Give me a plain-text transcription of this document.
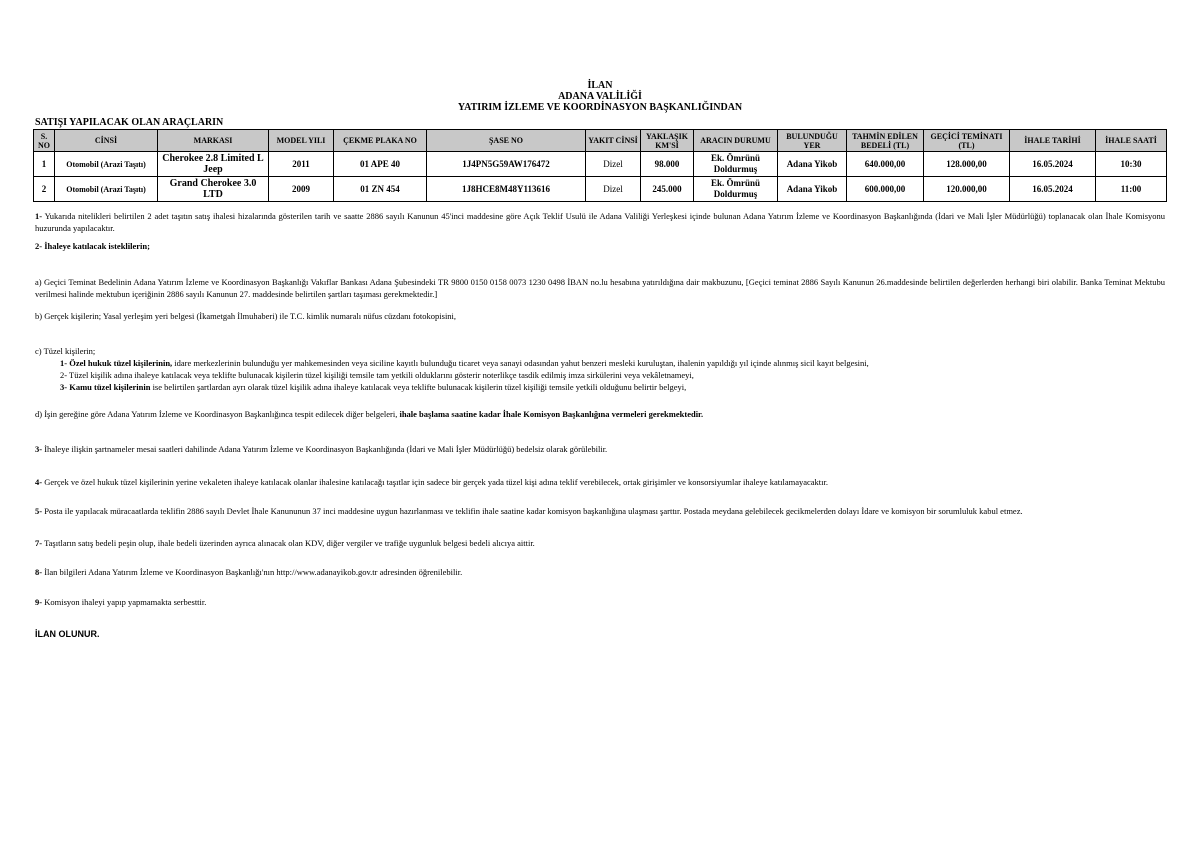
İLAN
ADANA VALİLİĞİ
YATIRIM İZLEME VE KOORDİNASYON BAŞKANLIĞINDAN
SATIŞI YAPILACAK OLAN ARAÇLARIN
S. NO	CİNSİ	MARKASI	MODEL YILI	ÇEKME PLAKA NO	ŞASE NO	YAKIT CİNSİ	YAKLAŞIK KM'Sİ	ARACIN DURUMU	BULUNDUĞU YER	TAHMİN EDİLEN BEDELİ (TL)	GEÇİCİ TEMİNATI (TL)	İHALE TARİHİ	İHALE SAATİ
1	Otomobil (Arazi Taşıtı)	Cherokee 2.8 Limited L Jeep	2011	01 APE 40	1J4PN5G59AW176472	Dizel	98.000	Ek. Ömrünü Doldurmuş	Adana Yikob	640.000,00	128.000,00	16.05.2024	10:30
2	Otomobil (Arazi Taşıtı)	Grand Cherokee 3.0 LTD	2009	01 ZN 454	1J8HCE8M48Y113616	Dizel	245.000	Ek. Ömrünü Doldurmuş	Adana Yikob	600.000,00	120.000,00	16.05.2024	11:00
1- Yukarıda nitelikleri belirtilen 2 adet taşıtın satış ihalesi hizalarında gösterilen tarih ve saatte 2886 sayılı Kanunun 45'inci maddesine göre Açık Teklif Usulü ile Adana Valiliği Yerleşkesi içinde bulunan Adana Yatırım İzleme ve Koordinasyon Başkanlığında (İdari ve Mali İşler Müdürlüğü) toplanacak olan İhale Komisyonu huzurunda yapılacaktır.
2- İhaleye katılacak isteklilerin;
a) Geçici Teminat Bedelinin Adana Yatırım İzleme ve Koordinasyon Başkanlığı Vakıflar Bankası Adana Şubesindeki TR 9800 0150 0158 0073 1230 0498 İBAN no.lu hesabına yatırıldığına dair makbuzunu, [Geçici teminat 2886 Sayılı Kanunun 26.maddesinde belirtilen değerlerden herhangi biri olabilir. Banka Teminat Mektubu verilmesi halinde mektubun içeriğinin 2886 sayılı Kanunun 27. maddesinde belirtilen şartları taşıması gerekmektedir.]
b) Gerçek kişilerin; Yasal yerleşim yeri belgesi (İkametgah İlmuhaberi) ile T.C. kimlik numaralı nüfus cüzdanı fotokopisini,
c) Tüzel kişilerin;
1- Özel hukuk tüzel kişilerinin, idare merkezlerinin bulunduğu yer mahkemesinden veya siciline kayıtlı bulunduğu ticaret veya sanayi odasından yahut benzeri mesleki kuruluştan, ihalenin yapıldığı yıl içinde alınmış sicil kayıt belgesini,
2- Tüzel kişilik adına ihaleye katılacak veya teklifte bulunacak kişilerin tüzel kişiliği temsile tam yetkili olduklarını gösterir noterlikçe tasdik edilmiş imza sirkülerini veya vekâletnameyi,
3- Kamu tüzel kişilerinin ise belirtilen şartlardan ayrı olarak tüzel kişilik adına ihaleye katılacak veya teklifte bulunacak kişilerin tüzel kişiliği temsile yetkili olduğunu belirtir belgeyi,
d) İşin gereğine göre Adana Yatırım İzleme ve Koordinasyon Başkanlığınca tespit edilecek diğer belgeleri, ihale başlama saatine kadar İhale Komisyon Başkanlığına vermeleri gerekmektedir.
3- İhaleye ilişkin şartnameler mesai saatleri dahilinde Adana Yatırım İzleme ve Koordinasyon Başkanlığında (İdari ve Mali İşler Müdürlüğü) bedelsiz olarak görülebilir.
4- Gerçek ve özel hukuk tüzel kişilerinin yerine vekaleten ihaleye katılacak olanlar ihalesine katılacağı taşıtlar için sadece bir gerçek yada tüzel kişi adına teklif verebilecek, ortak girişimler ve konsorsiyumlar ihaleye katılamayacaktır.
5- Posta ile yapılacak müracaatlarda teklifin 2886 sayılı Devlet İhale Kanununun 37 inci maddesine uygun hazırlanması ve teklifin ihale saatine kadar komisyon başkanlığına ulaşması şarttır. Postada meydana gelebilecek gecikmelerden dolayı İdare ve komisyon bir sorumluluk kabul etmez.
7- Taşıtların satış bedeli peşin olup, ihale bedeli üzerinden ayrıca alınacak olan KDV, diğer vergiler ve trafiğe uygunluk belgesi bedeli alıcıya aittir.
8- İlan bilgileri Adana Yatırım İzleme ve Koordinasyon Başkanlığı'nın http://www.adanayikob.gov.tr adresinden öğrenilebilir.
9- Komisyon ihaleyi yapıp yapmamakta serbesttir.
İLAN OLUNUR.
